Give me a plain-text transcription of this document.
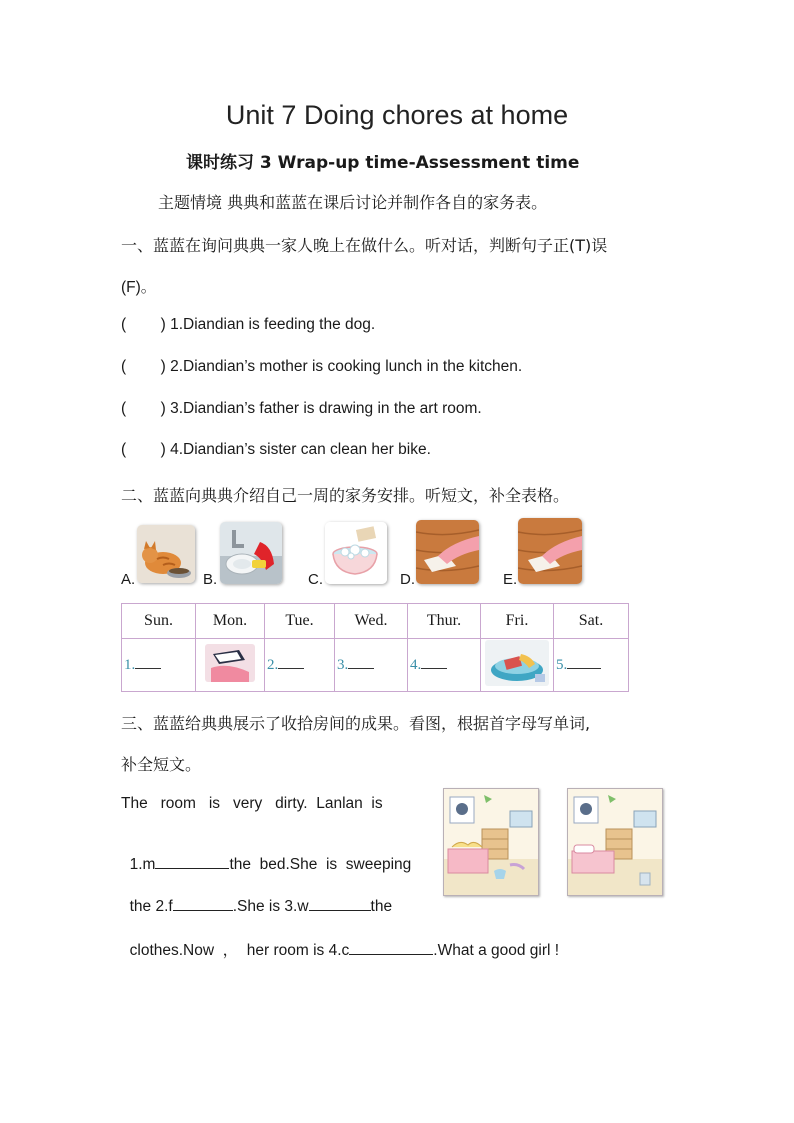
Unit 7 Doing chores at home
课时练习 3 Wrap-up time-Assessment time
主题情境 典典和蓝蓝在课后讨论并制作各自的家务表。
一、蓝蓝在询问典典一家人晚上在做什么。听对话，判断句子正(T)误
(F)。
(        ) 1.Diandian is feeding the dog.
(        ) 2.Diandian’s mother is cooking lunch in the kitchen.
(        ) 3.Diandian’s father is drawing in the art room.
(        ) 4.Diandian’s sister can clean her bike.
二、蓝蓝向典典介绍自己一周的家务安排。听短文，补全表格。
A.	B.	C.	D.	E.
Sun.	Mon.	Tue.	Wed.	Thur.	Fri.	Sat.
1.		2.	3.	4.		5.
三、蓝蓝给典典展示了收拾房间的成果。看图，根据首字母写单词,
补全短文。
The   room   is   very   dirty.  Lanlan  is

1.m	the  bed.She  is  sweeping

the 2.f	.She is 3.w	the

clothes.Now  ，  her room is 4.c	.What a good girl !
